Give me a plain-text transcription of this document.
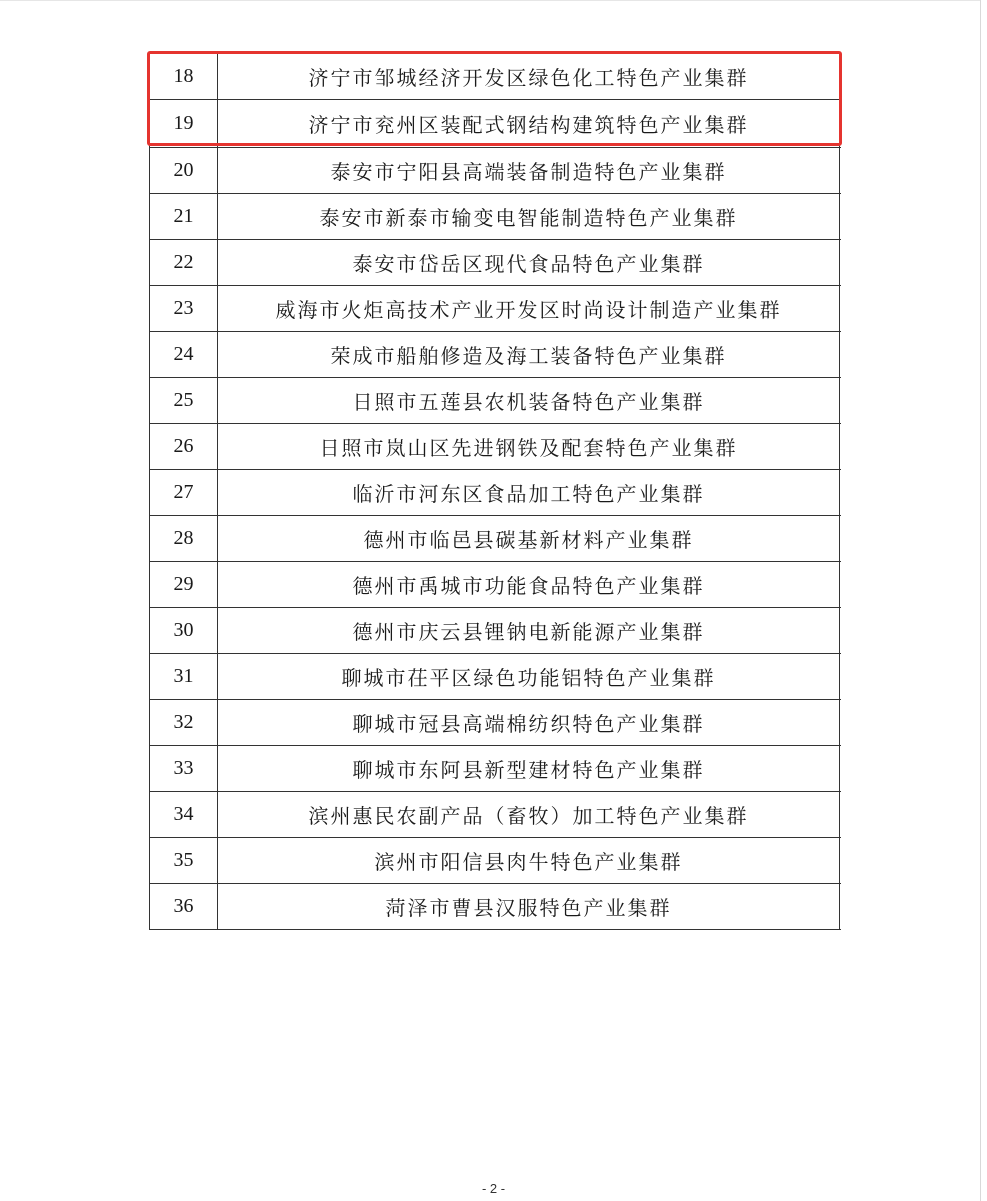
18	济宁市邹城经济开发区绿色化工特色产业集群
19	济宁市兖州区装配式钢结构建筑特色产业集群
20	泰安市宁阳县高端装备制造特色产业集群
21	泰安市新泰市输变电智能制造特色产业集群
22	泰安市岱岳区现代食品特色产业集群
23	威海市火炬高技术产业开发区时尚设计制造产业集群
24	荣成市船舶修造及海工装备特色产业集群
25	日照市五莲县农机装备特色产业集群
26	日照市岚山区先进钢铁及配套特色产业集群
27	临沂市河东区食品加工特色产业集群
28	德州市临邑县碳基新材料产业集群
29	德州市禹城市功能食品特色产业集群
30	德州市庆云县锂钠电新能源产业集群
31	聊城市茌平区绿色功能铝特色产业集群
32	聊城市冠县高端棉纺织特色产业集群
33	聊城市东阿县新型建材特色产业集群
34	滨州惠民农副产品（畜牧）加工特色产业集群
35	滨州市阳信县肉牛特色产业集群
36	菏泽市曹县汉服特色产业集群
- 2 -
